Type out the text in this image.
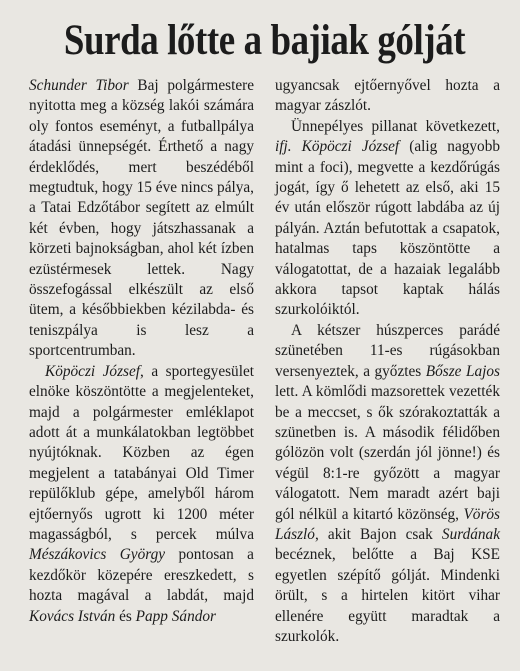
Surda lőtte a bajiak gólját

Schunder Tibor Baj polgármestere nyitotta meg a község lakói számára oly fontos eseményt, a futballpálya átadási ünnepségét. Érthető a nagy érdeklődés, mert beszédéből megtudtuk, hogy 15 éve nincs pálya, a Tatai Edzőtábor segített az elmúlt két évben, hogy játszhassanak a körzeti bajnokságban, ahol két ízben ezüstérmesek lettek. Nagy összefogással elkészült az első ütem, a későbbiekben kézilabda- és teniszpálya is lesz a sportcentrumban.

Köpöczi József, a sportegyesület elnöke köszöntötte a megjelenteket, majd a polgármester emléklapot adott át a munkálatokban legtöbbet nyújtóknak. Közben az égen megjelent a tatabányai Old Timer repülőklub gépe, amelyből három ejtőernyős ugrott ki 1200 méter magasságból, s percek múlva Mészákovics György pontosan a kezdőkör közepére ereszkedett, s hozta magával a labdát, majd Kovács István és Papp Sándor

ugyancsak ejtőernyővel hozta a magyar zászlót.

Ünnepélyes pillanat következett, ifj. Köpöczi József (alig nagyobb mint a foci), megvette a kezdőrúgás jogát, így ő lehetett az első, aki 15 év után először rúgott labdába az új pályán. Aztán befutottak a csapatok, hatalmas taps köszöntötte a válogatottat, de a hazaiak legalább akkora tapsot kaptak hálás szurkolóiktól.

A kétszer húszperces parádé szünetében 11-es rúgásokban versenyeztek, a győztes Bősze Lajos lett. A kömlődi mazsorettek vezették be a meccset, s ők szórakoztatták a szünetben is. A második félidőben gólözön volt (szerdán jól jönne!) és végül 8:1-re győzött a magyar válogatott. Nem maradt azért baji gól nélkül a kitartó közönség, Vörös László, akit Bajon csak Surdának becéznek, belőtte a Baj KSE egyetlen szépítő gólját. Mindenki örült, s a hirtelen kitört vihar ellenére együtt maradtak a szurkolók.
